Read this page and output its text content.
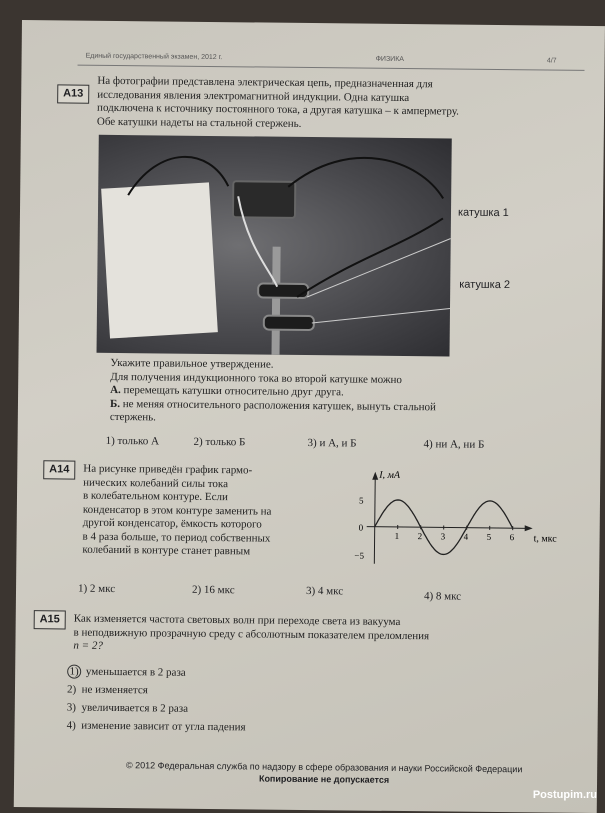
Единый государственный экзамен, 2012 г.	ФИЗИКА	4/7
А13
На фотографии представлена электрическая цепь, предназначенная для
исследования явления электромагнитной индукции. Одна катушка
подключена к источнику постоянного тока, а другая катушка – к амперметру.
Обе катушки надеты на стальной стержень.
катушка 1
катушка 2
Укажите правильное утверждение.
Для получения индукционного тока во второй катушке можно
А. перемещать катушки относительно друг друга.
Б. не меняя относительного расположения катушек, вынуть стальной
стержень.
1) только А	2) только Б	3) и А, и Б	4) ни А, ни Б
А14	На рисунке приведён график гармо-
нических колебаний силы тока
в колебательном контуре. Если
конденсатор в этом контуре заменить на
другой конденсатор, ёмкость которого
в 4 раза больше, то период собственных
колебаний в контуре станет равным
I, мА
t, мкс
5
0
−5
1 2 3 4 5 6
1) 2 мкс	2) 16 мкс	3) 4 мкс	4) 8 мкс
А15	Как изменяется частота световых волн при переходе света из вакуума
в неподвижную прозрачную среду с абсолютным показателем преломления
n = 2?
1) уменьшается в 2 раза
2) не изменяется
3) увеличивается в 2 раза
4) изменение зависит от угла падения
© 2012 Федеральная служба по надзору в сфере образования и науки Российской Федерации
Копирование не допускается
Postupim.ru
